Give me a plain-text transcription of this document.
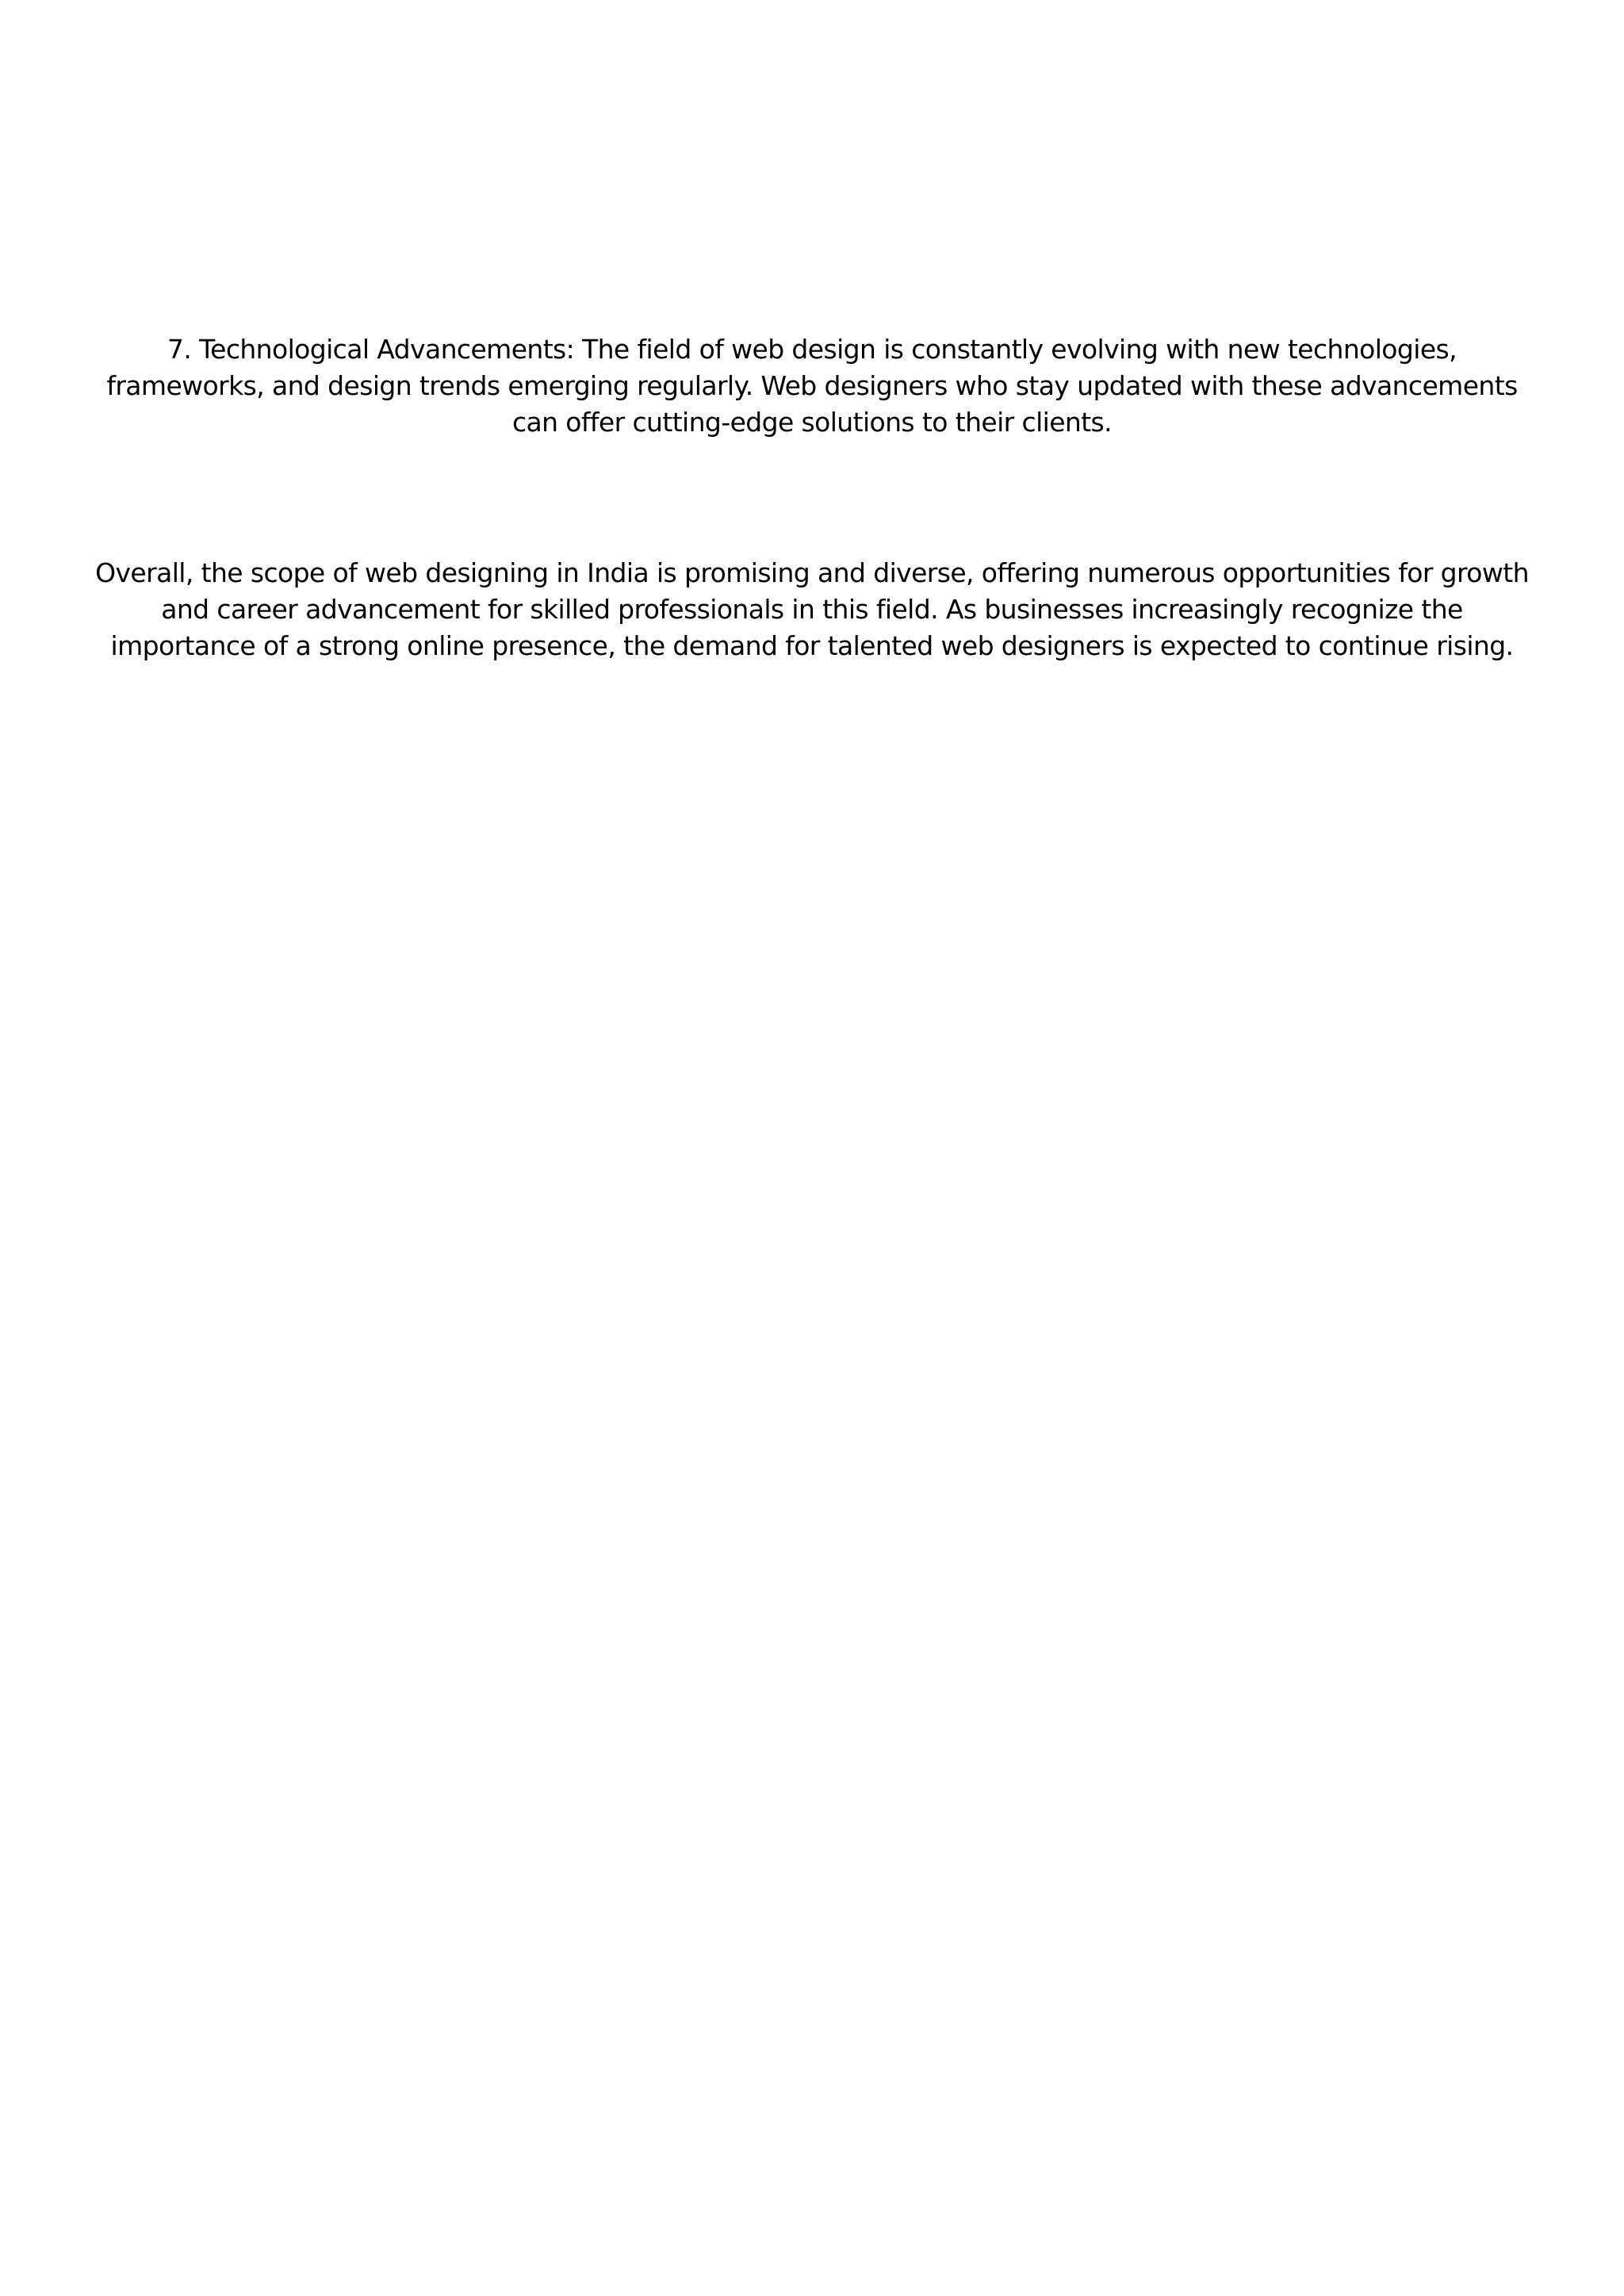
7. Technological Advancements: The field of web design is constantly evolving with new technologies, frameworks, and design trends emerging regularly. Web designers who stay updated with these advancements can offer cutting-edge solutions to their clients.

Overall, the scope of web designing in India is promising and diverse, offering numerous opportunities for growth and career advancement for skilled professionals in this field. As businesses increasingly recognize the importance of a strong online presence, the demand for talented web designers is expected to continue rising.
